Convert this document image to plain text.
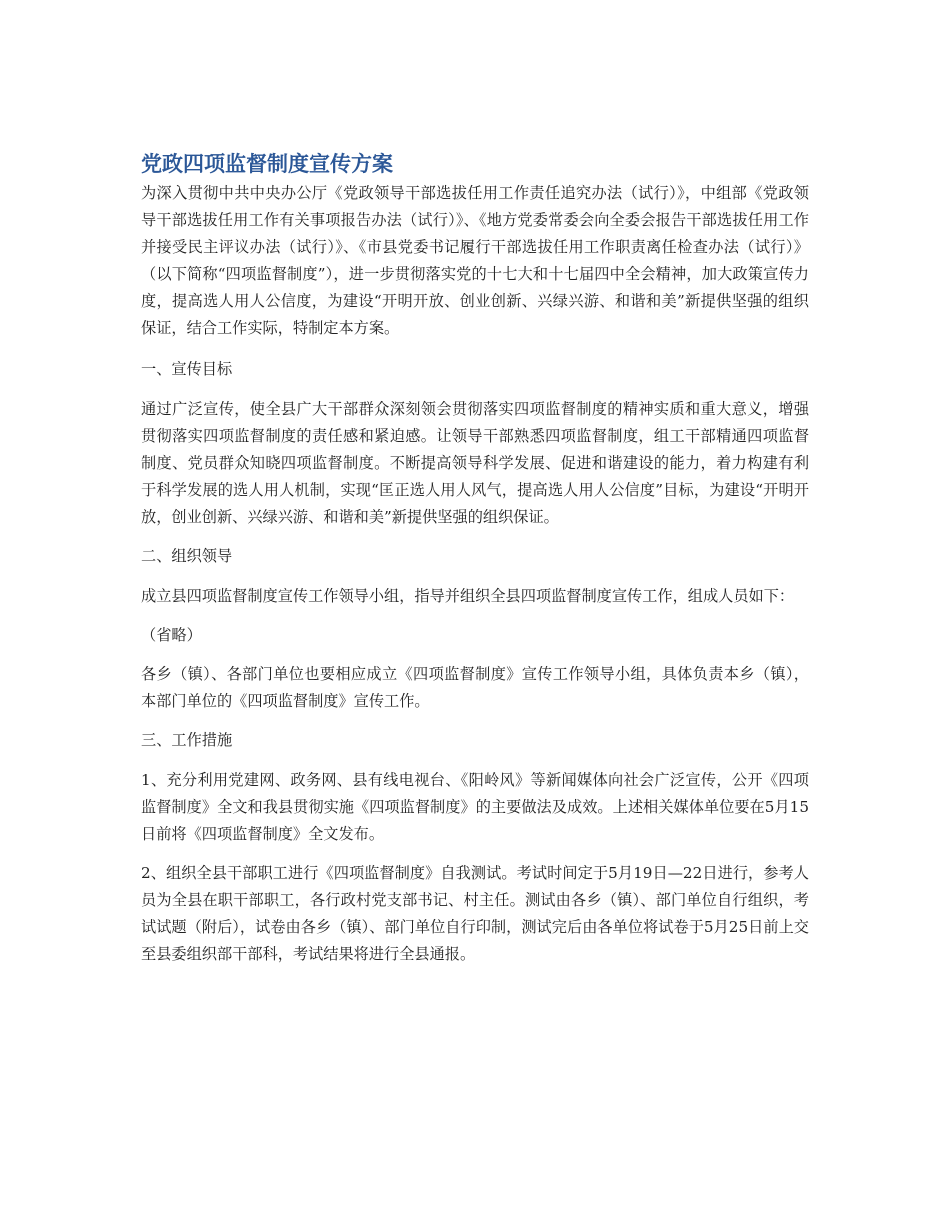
党政四项监督制度宣传方案

为深入贯彻中共中央办公厅《党政领导干部选拔任用工作责任追究办法（试行）》，中组部《党政领导干部选拔任用工作有关事项报告办法（试行）》、《地方党委常委会向全委会报告干部选拔任用工作并接受民主评议办法（试行）》、《市县党委书记履行干部选拔任用工作职责离任检查办法（试行）》（以下简称“四项监督制度”），进一步贯彻落实党的十七大和十七届四中全会精神，加大政策宣传力度，提高选人用人公信度，为建设“开明开放、创业创新、兴绿兴游、和谐和美”新提供坚强的组织保证，结合工作实际，特制定本方案。

一、宣传目标

通过广泛宣传，使全县广大干部群众深刻领会贯彻落实四项监督制度的精神实质和重大意义，增强贯彻落实四项监督制度的责任感和紧迫感。让领导干部熟悉四项监督制度，组工干部精通四项监督制度、党员群众知晓四项监督制度。不断提高领导科学发展、促进和谐建设的能力，着力构建有利于科学发展的选人用人机制，实现“匡正选人用人风气，提高选人用人公信度”目标，为建设“开明开放，创业创新、兴绿兴游、和谐和美”新提供坚强的组织保证。

二、组织领导

成立县四项监督制度宣传工作领导小组，指导并组织全县四项监督制度宣传工作，组成人员如下：

（省略）

各乡（镇）、各部门单位也要相应成立《四项监督制度》宣传工作领导小组，具体负责本乡（镇），本部门单位的《四项监督制度》宣传工作。

三、工作措施

1、充分利用党建网、政务网、县有线电视台、《阳岭风》等新闻媒体向社会广泛宣传，公开《四项监督制度》全文和我县贯彻实施《四项监督制度》的主要做法及成效。上述相关媒体单位要在5月15日前将《四项监督制度》全文发布。

2、组织全县干部职工进行《四项监督制度》自我测试。考试时间定于5月19日—22日进行，参考人员为全县在职干部职工，各行政村党支部书记、村主任。测试由各乡（镇）、部门单位自行组织，考试试题（附后），试卷由各乡（镇）、部门单位自行印制，测试完后由各单位将试卷于5月25日前上交至县委组织部干部科，考试结果将进行全县通报。
